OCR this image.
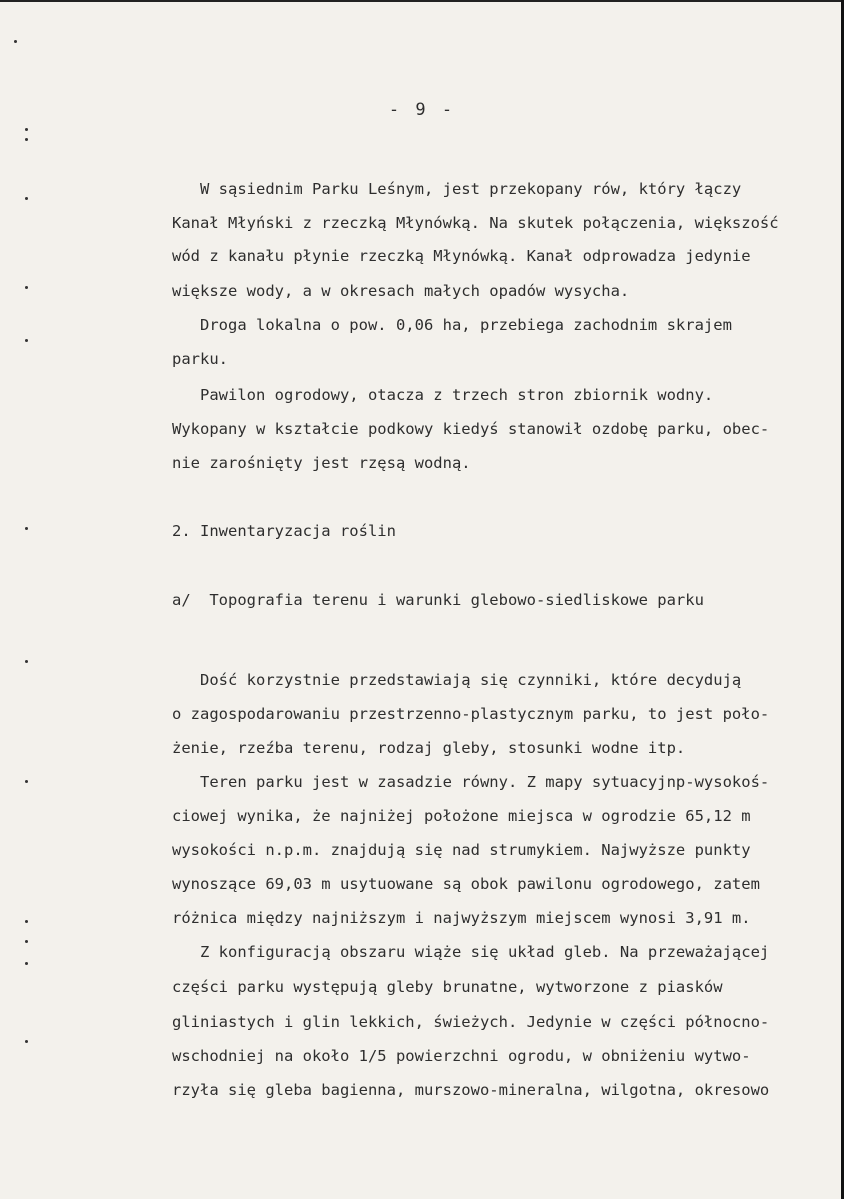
- 9 -
W sąsiednim Parku Leśnym, jest przekopany rów, który łączy
Kanał Młyński z rzeczką Młynówką. Na skutek połączenia, większość
wód z kanału płynie rzeczką Młynówką. Kanał odprowadza jedynie
większe wody, a w okresach małych opadów wysycha.
Droga lokalna o pow. 0,06 ha, przebiega zachodnim skrajem
parku.
Pawilon ogrodowy, otacza z trzech stron zbiornik wodny.
Wykopany w kształcie podkowy kiedyś stanowił ozdobę parku, obec-
nie zarośnięty jest rzęsą wodną.
2. Inwentaryzacja roślin
a/  Topografia terenu i warunki glebowo-siedliskowe parku
Dość korzystnie przedstawiają się czynniki, które decydują
o zagospodarowaniu przestrzenno-plastycznym parku, to jest poło-
żenie, rzeźba terenu, rodzaj gleby, stosunki wodne itp.
Teren parku jest w zasadzie równy. Z mapy sytuacyjnp-wysokoś-
ciowej wynika, że najniżej położone miejsca w ogrodzie 65,12 m
wysokości n.p.m. znajdują się nad strumykiem. Najwyższe punkty
wynoszące 69,03 m usytuowane są obok pawilonu ogrodowego, zatem
różnica między najniższym i najwyższym miejscem wynosi 3,91 m.
Z konfiguracją obszaru wiąże się układ gleb. Na przeważającej
części parku występują gleby brunatne, wytworzone z piasków
gliniastych i glin lekkich, świeżych. Jedynie w części północno-
wschodniej na około 1/5 powierzchni ogrodu, w obniżeniu wytwo-
rzyła się gleba bagienna, murszowo-mineralna, wilgotna, okresowo
